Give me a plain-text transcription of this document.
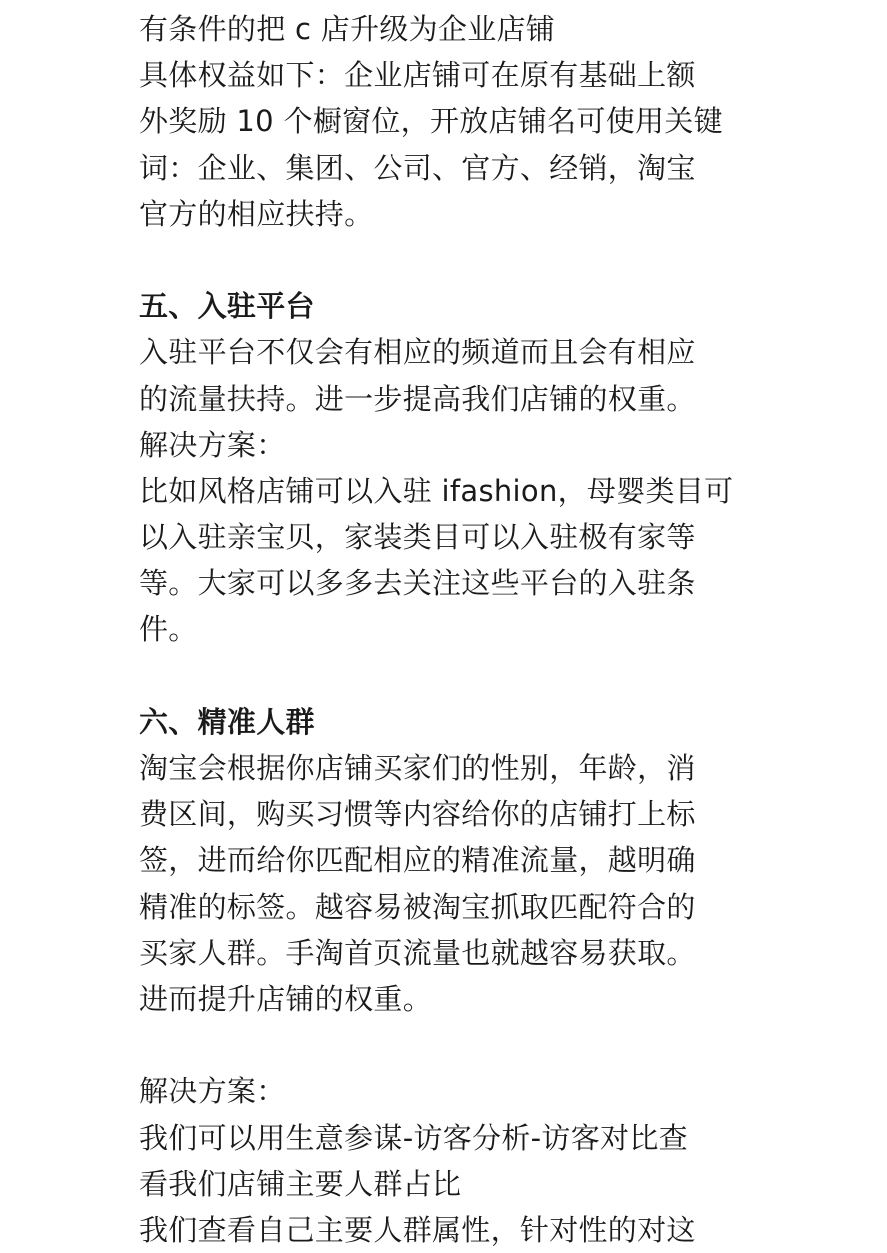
有条件的把 c 店升级为企业店铺
具体权益如下：企业店铺可在原有基础上额
外奖励 10 个橱窗位，开放店铺名可使用关键
词：企业、集团、公司、官方、经销，淘宝
官方的相应扶持。
五、入驻平台
入驻平台不仅会有相应的频道而且会有相应
的流量扶持。进一步提高我们店铺的权重。
解决方案：
比如风格店铺可以入驻 ifashion，母婴类目可
以入驻亲宝贝，家装类目可以入驻极有家等
等。大家可以多多去关注这些平台的入驻条
件。
六、精准人群
淘宝会根据你店铺买家们的性别，年龄，消
费区间，购买习惯等内容给你的店铺打上标
签，进而给你匹配相应的精准流量，越明确
精准的标签。越容易被淘宝抓取匹配符合的
买家人群。手淘首页流量也就越容易获取。
进而提升店铺的权重。
解决方案：
我们可以用生意参谋-访客分析-访客对比查
看我们店铺主要人群占比
我们查看自己主要人群属性，针对性的对这
